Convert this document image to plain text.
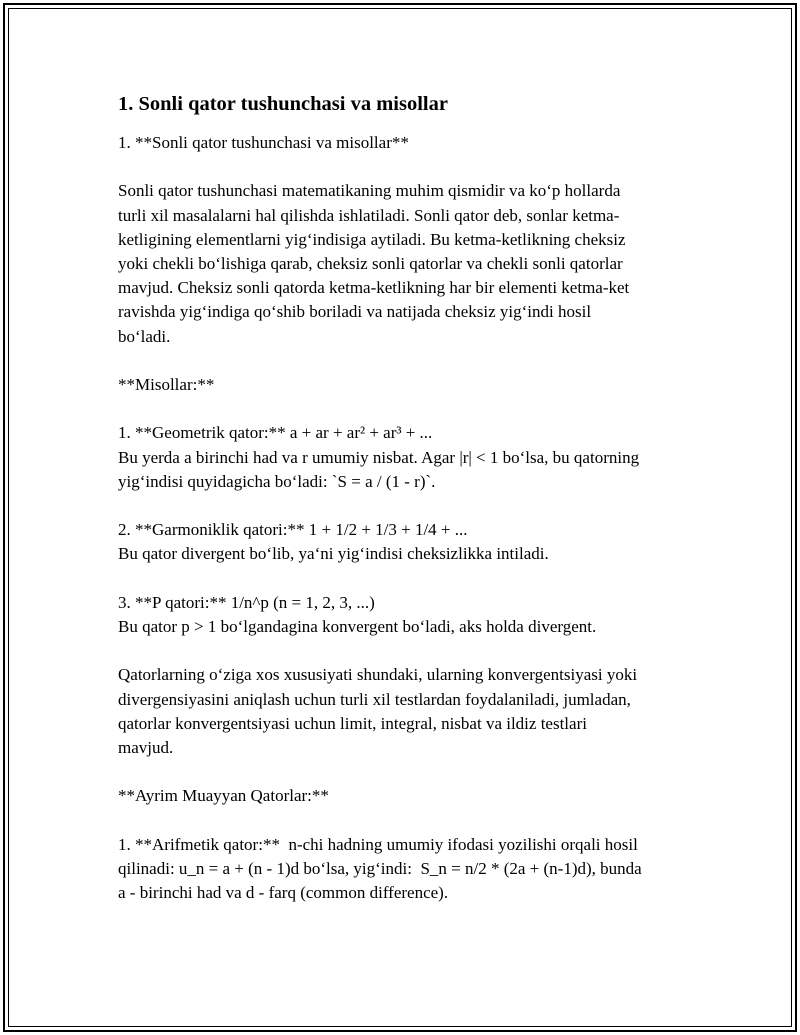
1. Sonli qator tushunchasi va misollar
1. **Sonli qator tushunchasi va misollar**
Sonli qator tushunchasi matematikaning muhim qismidir va ko‘p hollarda
turli xil masalalarni hal qilishda ishlatiladi. Sonli qator deb, sonlar ketma-
ketligining elementlarni yig‘indisiga aytiladi. Bu ketma-ketlikning cheksiz
yoki chekli bo‘lishiga qarab, cheksiz sonli qatorlar va chekli sonli qatorlar
mavjud. Cheksiz sonli qatorda ketma-ketlikning har bir elementi ketma-ket
ravishda yig‘indiga qo‘shib boriladi va natijada cheksiz yig‘indi hosil
bo‘ladi.
**Misollar:**
1. **Geometrik qator:** a + ar + ar² + ar³ + ...
Bu yerda a birinchi had va r umumiy nisbat. Agar |r| < 1 bo‘lsa, bu qatorning
yig‘indisi quyidagicha bo‘ladi: `S = a / (1 - r)`.
2. **Garmoniklik qatori:** 1 + 1/2 + 1/3 + 1/4 + ...
Bu qator divergent bo‘lib, ya‘ni yig‘indisi cheksizlikka intiladi.
3. **P qatori:** 1/n^p (n = 1, 2, 3, ...)
Bu qator p > 1 bo‘lgandagina konvergent bo‘ladi, aks holda divergent.
Qatorlarning o‘ziga xos xususiyati shundaki, ularning konvergentsiyasi yoki
divergensiyasini aniqlash uchun turli xil testlardan foydalaniladi, jumladan,
qatorlar konvergentsiyasi uchun limit, integral, nisbat va ildiz testlari
mavjud.
**Ayrim Muayyan Qatorlar:**
1. **Arifmetik qator:**  n-chi hadning umumiy ifodasi yozilishi orqali hosil
qilinadi: u_n = a + (n - 1)d bo‘lsa, yig‘indi:  S_n = n/2 * (2a + (n-1)d), bunda
a - birinchi had va d - farq (common difference).
